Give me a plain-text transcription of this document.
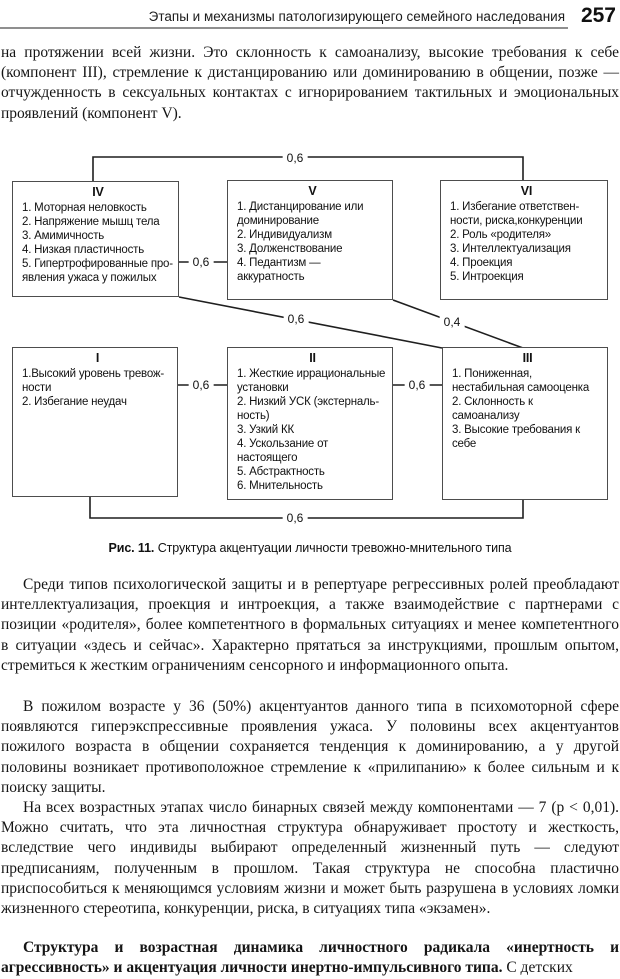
Этапы и механизмы патологизирующего семейного наследования 257

на протяжении всей жизни. Это склонность к самоанализу, высокие требования к себе (компонент III), стремление к дистанцированию или доминированию в общении, позже — отчужденность в сексуальных контактах с игнорированием тактильных и эмоциональных проявлений (компонент V).

IV
1. Моторная неловкость
2. Напряжение мышц тела
3. Амимичность
4. Низкая пластичность
5. Гипертрофированные про-явления ужаса у пожилых
V
1. Дистанцирование или доминирование
2. Индивидуализм
3. Долженствование
4. Педантизм — аккуратность
VI
1. Избегание ответствен-ности, риска,конкуренции
2. Роль «родителя»
3. Интеллектуализация
4. Проекция
5. Интроекция
I
1.Высокий уровень тревож-ности
2. Избегание неудач
II
1. Жесткие иррациональные установки
2. Низкий УСК (экстерналь-ность)
3. Узкий КК
4. Ускользание от настоящего
5. Абстрактность
6. Мнительность
III
1. Пониженная, нестабильная самооценка
2. Склонность к самоанализу
3. Высокие требования к себе
0,6
0,6
0,6	0,4
0,6	0,6
0,6
Рис. 11. Структура акцентуации личности тревожно-мнительного типа

Среди типов психологической защиты и в репертуаре регрессивных ролей преобладают интеллектуализация, проекция и интроекция, а также взаимодействие с партнерами с позиции «родителя», более компетентного в формальных ситуациях и менее компетентного в ситуации «здесь и сейчас». Характерно прятаться за инструкциями, прошлым опытом, стремиться к жестким ограничениям сенсорного и информационного опыта.

В пожилом возрасте у 36 (50%) акцентуантов данного типа в психомоторной сфере появляются гиперэкспрессивные проявления ужаса. У половины всех акцентуантов пожилого возраста в общении сохраняется тенденция к доминированию, а у другой половины возникает противоположное стремление к «прилипанию» к более сильным и к поиску защиты.

На всех возрастных этапах число бинарных связей между компонентами — 7 (p < 0,01). Можно считать, что эта личностная структура обнаруживает простоту и жесткость, вследствие чего индивиды выбирают определенный жизненный путь — следуют предписаниям, полученным в прошлом. Такая структура не способна пластично приспособиться к меняющимся условиям жизни и может быть разрушена в условиях ломки жизненного стереотипа, конкуренции, риска, в ситуациях типа «экзамен».

Структура и возрастная динамика личностного радикала «инертность и агрессивность» и акцентуация личности инертно-импульсивного типа. С детских
